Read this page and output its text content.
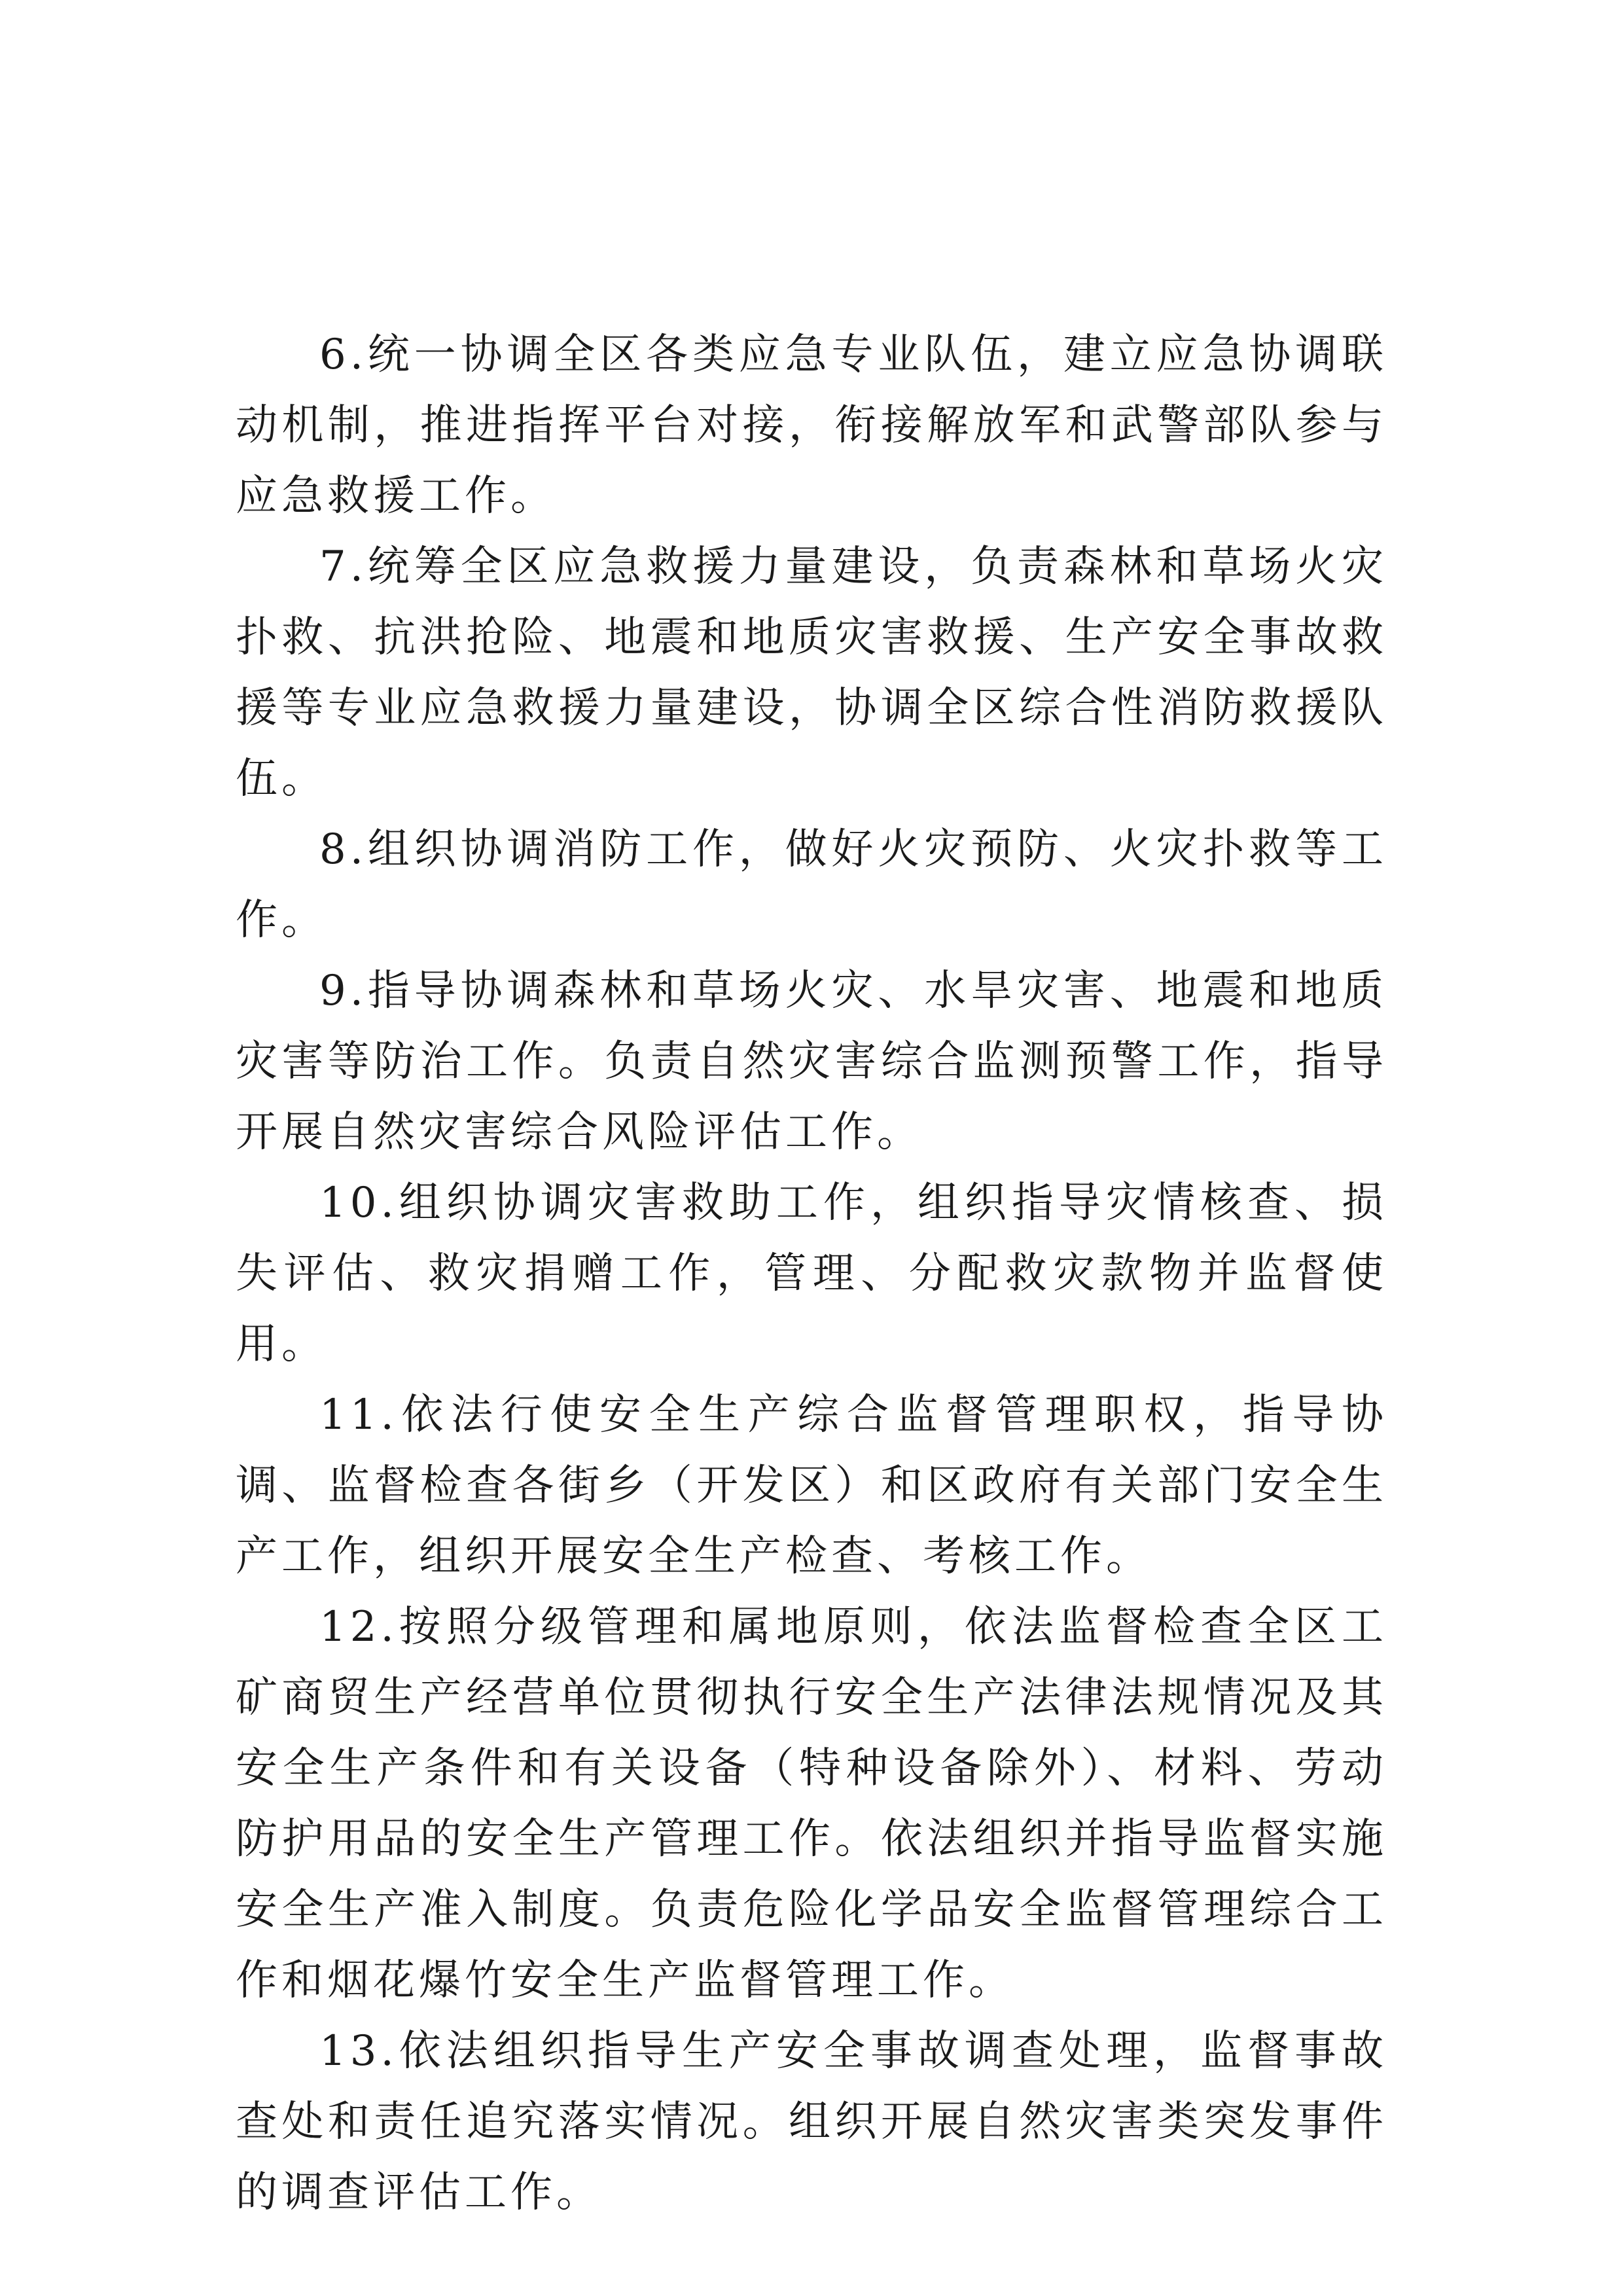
6.统一协调全区各类应急专业队伍，建立应急协调联动机制，推进指挥平台对接，衔接解放军和武警部队参与应急救援工作。

7.统筹全区应急救援力量建设，负责森林和草场火灾扑救、抗洪抢险、地震和地质灾害救援、生产安全事故救援等专业应急救援力量建设，协调全区综合性消防救援队伍。

8.组织协调消防工作，做好火灾预防、火灾扑救等工作。

9.指导协调森林和草场火灾、水旱灾害、地震和地质灾害等防治工作。负责自然灾害综合监测预警工作，指导开展自然灾害综合风险评估工作。

10.组织协调灾害救助工作，组织指导灾情核查、损失评估、救灾捐赠工作，管理、分配救灾款物并监督使用。

11.依法行使安全生产综合监督管理职权，指导协调、监督检查各街乡（开发区）和区政府有关部门安全生产工作，组织开展安全生产检查、考核工作。

12.按照分级管理和属地原则，依法监督检查全区工矿商贸生产经营单位贯彻执行安全生产法律法规情况及其安全生产条件和有关设备（特种设备除外）、材料、劳动防护用品的安全生产管理工作。依法组织并指导监督实施安全生产准入制度。负责危险化学品安全监督管理综合工作和烟花爆竹安全生产监督管理工作。

13.依法组织指导生产安全事故调查处理，监督事故查处和责任追究落实情况。组织开展自然灾害类突发事件的调查评估工作。
